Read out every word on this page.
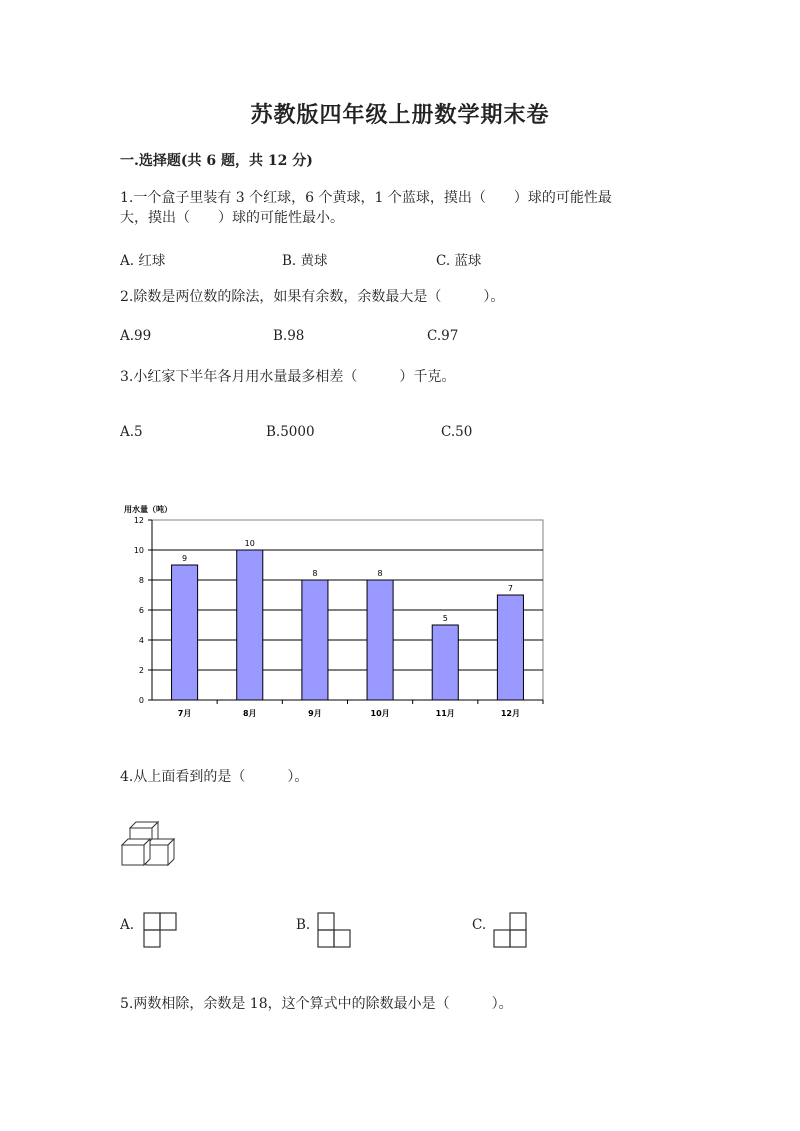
苏教版四年级上册数学期末卷
一.选择题(共 6 题，共 12 分)
1.一个盒子里装有 3 个红球，6 个黄球，1 个蓝球，摸出（　　）球的可能性最
大，摸出（　　）球的可能性最小。
A. 红球	B. 黄球	C. 蓝球
2.除数是两位数的除法，如果有余数，余数最大是（　　　）。
A.99	B.98	C.97
3.小红家下半年各月用水量最多相差（　　　）千克。
A.5	B.5000	C.50
用水量（吨）
0
2
4
6
8
10
12
9
7月
10
8月
8
9月
8
10月
5
11月
7
12月
4.从上面看到的是（　　　）。
A.	B.	C.
5.两数相除，余数是 18，这个算式中的除数最小是（　　　）。
